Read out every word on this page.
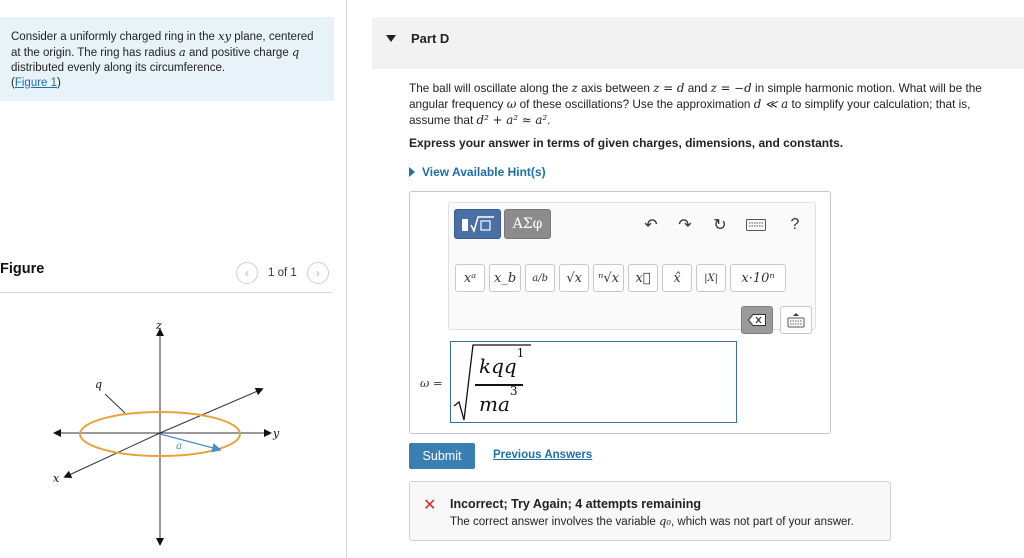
Consider a uniformly charged ring in the xy plane, centered at the origin. The ring has radius a and positive charge q distributed evenly along its circumference.
(Figure 1)
Figure	‹ 1 of 1 ›
z
y
x
q
a
Part D
The ball will oscillate along the z axis between z = d and z = −d in simple harmonic motion. What will be the angular frequency ω of these oscillations? Use the approximation d ≪ a to simplify your calculation; that is, assume that d² + a² ≈ a².
Express your answer in terms of given charges, dimensions, and constants.
View Available Hint(s)
ΑΣφ	↶ ↷ ↻	?
xᵃ	x_b	a/b	√x	ⁿ√x	x⃗	x̂	|X|	x·10ⁿ
ω =
kqq$^1$
$ma^3$
Submit	Previous Answers
✕ Incorrect; Try Again; 4 attempts remaining
The correct answer involves the variable q₀, which was not part of your answer.
